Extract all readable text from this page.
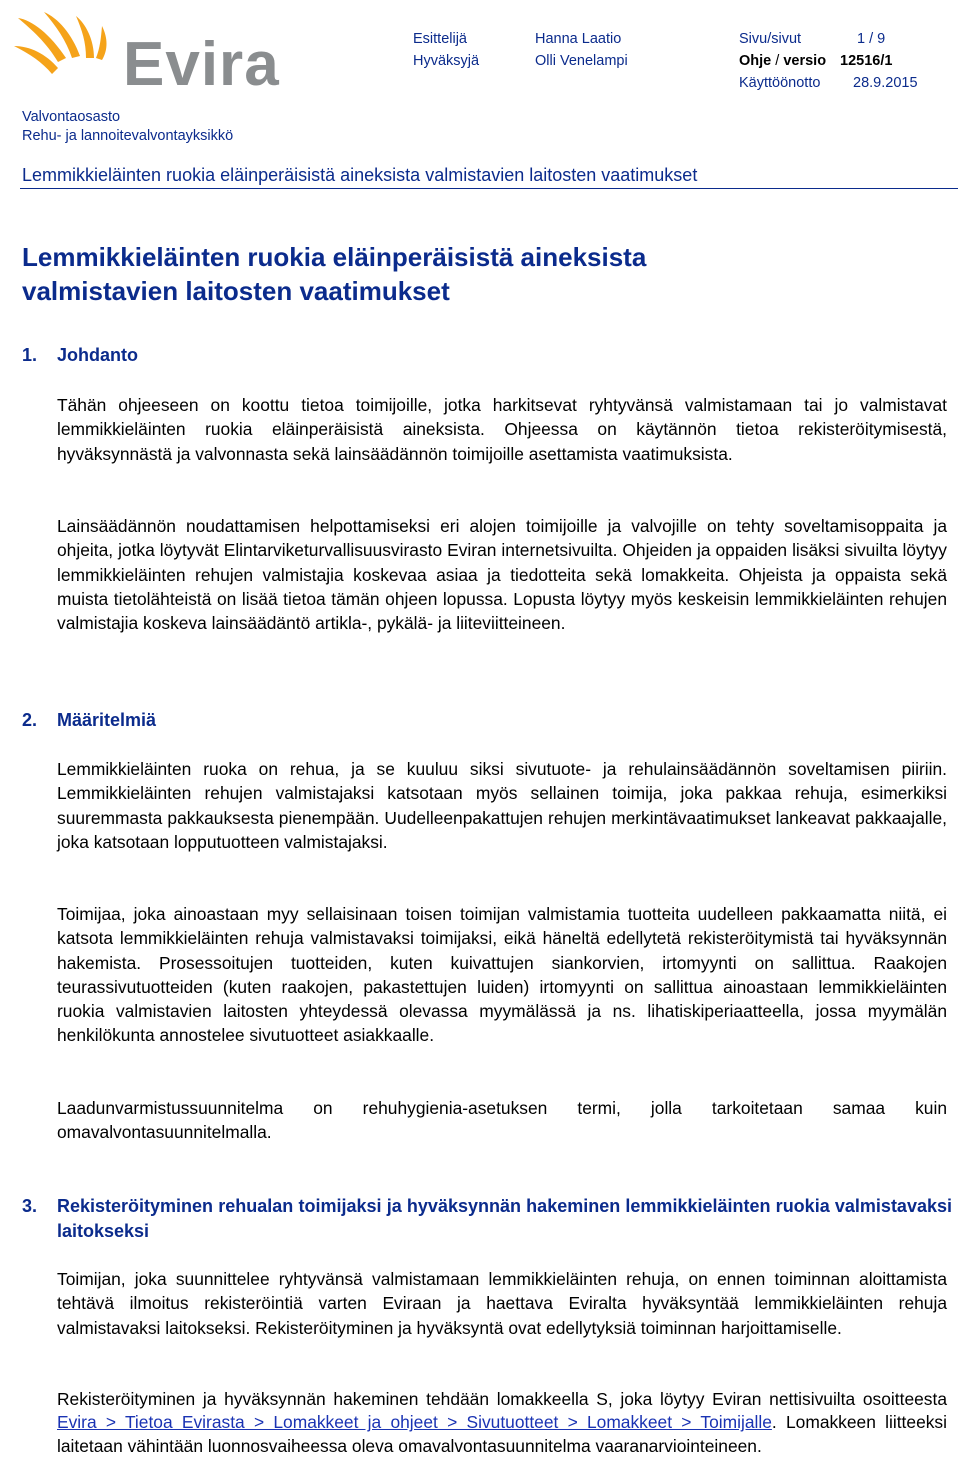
Evira	Esittelijä	Hanna Laatio	Sivu/sivut	1 / 9
Hyväksyjä	Olli Venelampi	Ohje / versio 12516/1
Käyttöönotto 28.9.2015
Valvontaosasto
Rehu- ja lannoitevalvontayksikkö
Lemmikkieläinten ruokia eläinperäisistä aineksista valmistavien laitosten vaatimukset
Lemmikkieläinten ruokia eläinperäisistä aineksista
valmistavien laitosten vaatimukset
1.	Johdanto

Tähän ohjeeseen on koottu tietoa toimijoille, jotka harkitsevat ryhtyvänsä valmistamaan tai jo valmistavat lemmikkieläinten ruokia eläinperäisistä aineksista. Ohjeessa on käytännön tietoa rekisteröitymisestä, hyväksynnästä ja valvonnasta sekä lainsäädännön toimijoille asettamista vaatimuksista.

Lainsäädännön noudattamisen helpottamiseksi eri alojen toimijoille ja valvojille on tehty soveltamisoppaita ja ohjeita, jotka löytyvät Elintarviketurvallisuusvirasto Eviran internetsivuilta. Ohjeiden ja oppaiden lisäksi sivuilta löytyy lemmikkieläinten rehujen valmistajia koskevaa asiaa ja tiedotteita sekä lomakkeita. Ohjeista ja oppaista sekä muista tietolähteistä on lisää tietoa tämän ohjeen lopussa. Lopusta löytyy myös keskeisin lemmikkieläinten rehujen valmistajia koskeva lainsäädäntö artikla-, pykälä- ja liiteviitteineen.

2.	Määritelmiä

Lemmikkieläinten ruoka on rehua, ja se kuuluu siksi sivutuote- ja rehulainsäädännön soveltamisen piiriin. Lemmikkieläinten rehujen valmistajaksi katsotaan myös sellainen toimija, joka pakkaa rehuja, esimerkiksi suuremmasta pakkauksesta pienempään. Uudelleenpakattujen rehujen merkintävaatimukset lankeavat pakkaajalle, joka katsotaan lopputuotteen valmistajaksi.

Toimijaa, joka ainoastaan myy sellaisinaan toisen toimijan valmistamia tuotteita uudelleen pakkaamatta niitä, ei katsota lemmikkieläinten rehuja valmistavaksi toimijaksi, eikä häneltä edellytetä rekisteröitymistä tai hyväksynnän hakemista. Prosessoitujen tuotteiden, kuten kuivattujen siankorvien, irtomyynti on sallittua. Raakojen teurassivutuotteiden (kuten raakojen, pakastettujen luiden) irtomyynti on sallittua ainoastaan lemmikkieläinten ruokia valmistavien laitosten yhteydessä olevassa myymälässä ja ns. lihatiskiperiaatteella, jossa myymälän henkilökunta annostelee sivutuotteet asiakkaalle.

Laadunvarmistussuunnitelma on rehuhygienia-asetuksen termi, jolla tarkoitetaan samaa kuin omavalvontasuunnitelmalla.

3.	Rekisteröityminen rehualan toimijaksi ja hyväksynnän hakeminen lemmikkieläinten ruokia valmistavaksi laitokseksi

Toimijan, joka suunnittelee ryhtyvänsä valmistamaan lemmikkieläinten rehuja, on ennen toiminnan aloittamista tehtävä ilmoitus rekisteröintiä varten Eviraan ja haettava Eviralta hyväksyntää lemmikkieläinten rehuja valmistavaksi laitokseksi. Rekisteröityminen ja hyväksyntä ovat edellytyksiä toiminnan harjoittamiselle.

Rekisteröityminen ja hyväksynnän hakeminen tehdään lomakkeella S, joka löytyy Eviran nettisivuilta osoitteesta Evira > Tietoa Evirasta > Lomakkeet ja ohjeet > Sivutuotteet > Lomakkeet > Toimijalle. Lomakkeen liitteeksi laitetaan vähintään luonnosvaiheessa oleva omavalvontasuunnitelma vaaranarviointeineen.
